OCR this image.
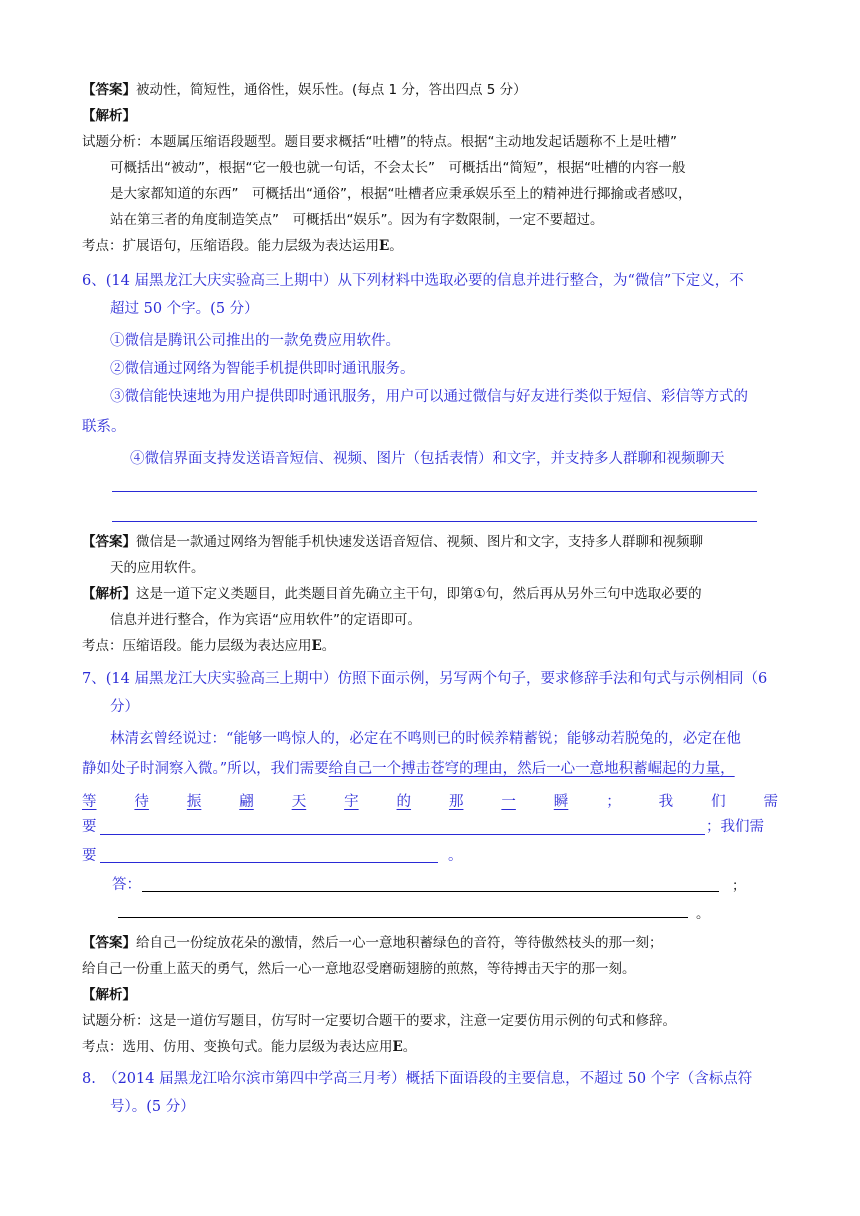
【答案】被动性，简短性，通俗性，娱乐性。(每点 1 分，答出四点 5 分）
【解析】
试题分析：本题属压缩语段题型。题目要求概括“吐槽”的特点。根据“主动地发起话题称不上是吐槽”
可概括出“被动”，根据“它一般也就一句话，不会太长”　可概括出“简短”，根据“吐槽的内容一般
是大家都知道的东西”　可概括出“通俗”，根据“吐槽者应秉承娱乐至上的精神进行揶揄或者感叹，
站在第三者的角度制造笑点”　可概括出“娱乐”。因为有字数限制，一定不要超过。
考点：扩展语句，压缩语段。能力层级为表达运用E。
6、(14 届黑龙江大庆实验高三上期中）从下列材料中选取必要的信息并进行整合，为“微信”下定义，不
超过 50 个字。(5 分）
①微信是腾讯公司推出的一款免费应用软件。
②微信通过网络为智能手机提供即时通讯服务。
③微信能快速地为用户提供即时通讯服务，用户可以通过微信与好友进行类似于短信、彩信等方式的
联系。
④微信界面支持发送语音短信、视频、图片（包括表情）和文字，并支持多人群聊和视频聊天
【答案】微信是一款通过网络为智能手机快速发送语音短信、视频、图片和文字，支持多人群聊和视频聊
天的应用软件。
【解析】这是一道下定义类题目，此类题目首先确立主干句，即第①句，然后再从另外三句中选取必要的
信息并进行整合，作为宾语“应用软件”的定语即可。
考点：压缩语段。能力层级为表达应用E。
7、(14 届黑龙江大庆实验高三上期中）仿照下面示例，另写两个句子，要求修辞手法和句式与示例相同（6
分）
林清玄曾经说过：“能够一鸣惊人的，必定在不鸣则已的时候养精蓄锐；能够动若脱兔的，必定在他
静如处子时洞察入微。”所以，我们需要给自己一个搏击苍穹的理由，然后一心一意地积蓄崛起的力量，
等	待	振	翩	天	宇	的	那	一	瞬	；	我	们	需
要	；我们需
要	。
答：	；
。
【答案】给自己一份绽放花朵的激情，然后一心一意地积蓄绿色的音符，等待傲然枝头的那一刻；
给自己一份重上蓝天的勇气，然后一心一意地忍受磨砺翅膀的煎熬，等待搏击天宇的那一刻。
【解析】
试题分析：这是一道仿写题目，仿写时一定要切合题干的要求，注意一定要仿用示例的句式和修辞。
考点：选用、仿用、变换句式。能力层级为表达应用E。
8.　（2014 届黑龙江哈尔滨市第四中学高三月考）概括下面语段的主要信息，不超过 50 个字（含标点符
号）。(5 分）
